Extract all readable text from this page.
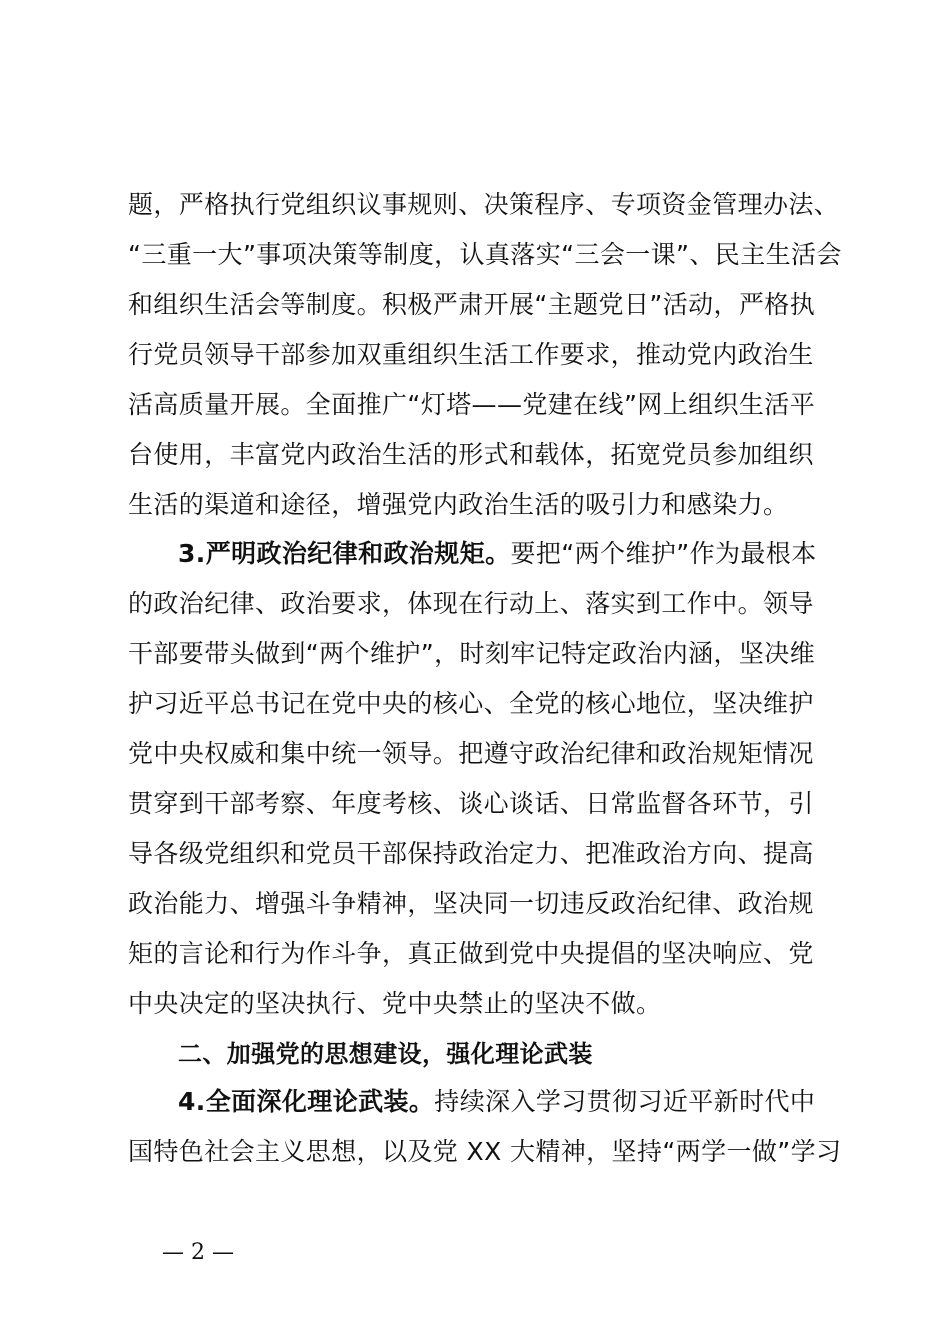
题，严格执行党组织议事规则、决策程序、专项资金管理办法、
“三重一大”事项决策等制度，认真落实“三会一课”、民主生活会
和组织生活会等制度。积极严肃开展“主题党日”活动，严格执
行党员领导干部参加双重组织生活工作要求，推动党内政治生
活高质量开展。全面推广“灯塔——党建在线”网上组织生活平
台使用，丰富党内政治生活的形式和载体，拓宽党员参加组织
生活的渠道和途径，增强党内政治生活的吸引力和感染力。
3.严明政治纪律和政治规矩。要把“两个维护”作为最根本
的政治纪律、政治要求，体现在行动上、落实到工作中。领导
干部要带头做到“两个维护”，时刻牢记特定政治内涵，坚决维
护习近平总书记在党中央的核心、全党的核心地位，坚决维护
党中央权威和集中统一领导。把遵守政治纪律和政治规矩情况
贯穿到干部考察、年度考核、谈心谈话、日常监督各环节，引
导各级党组织和党员干部保持政治定力、把准政治方向、提高
政治能力、增强斗争精神，坚决同一切违反政治纪律、政治规
矩的言论和行为作斗争，真正做到党中央提倡的坚决响应、党
中央决定的坚决执行、党中央禁止的坚决不做。
二、加强党的思想建设，强化理论武装
4.全面深化理论武装。持续深入学习贯彻习近平新时代中
国特色社会主义思想，以及党 XX 大精神，坚持“两学一做”学习
— 2 —
